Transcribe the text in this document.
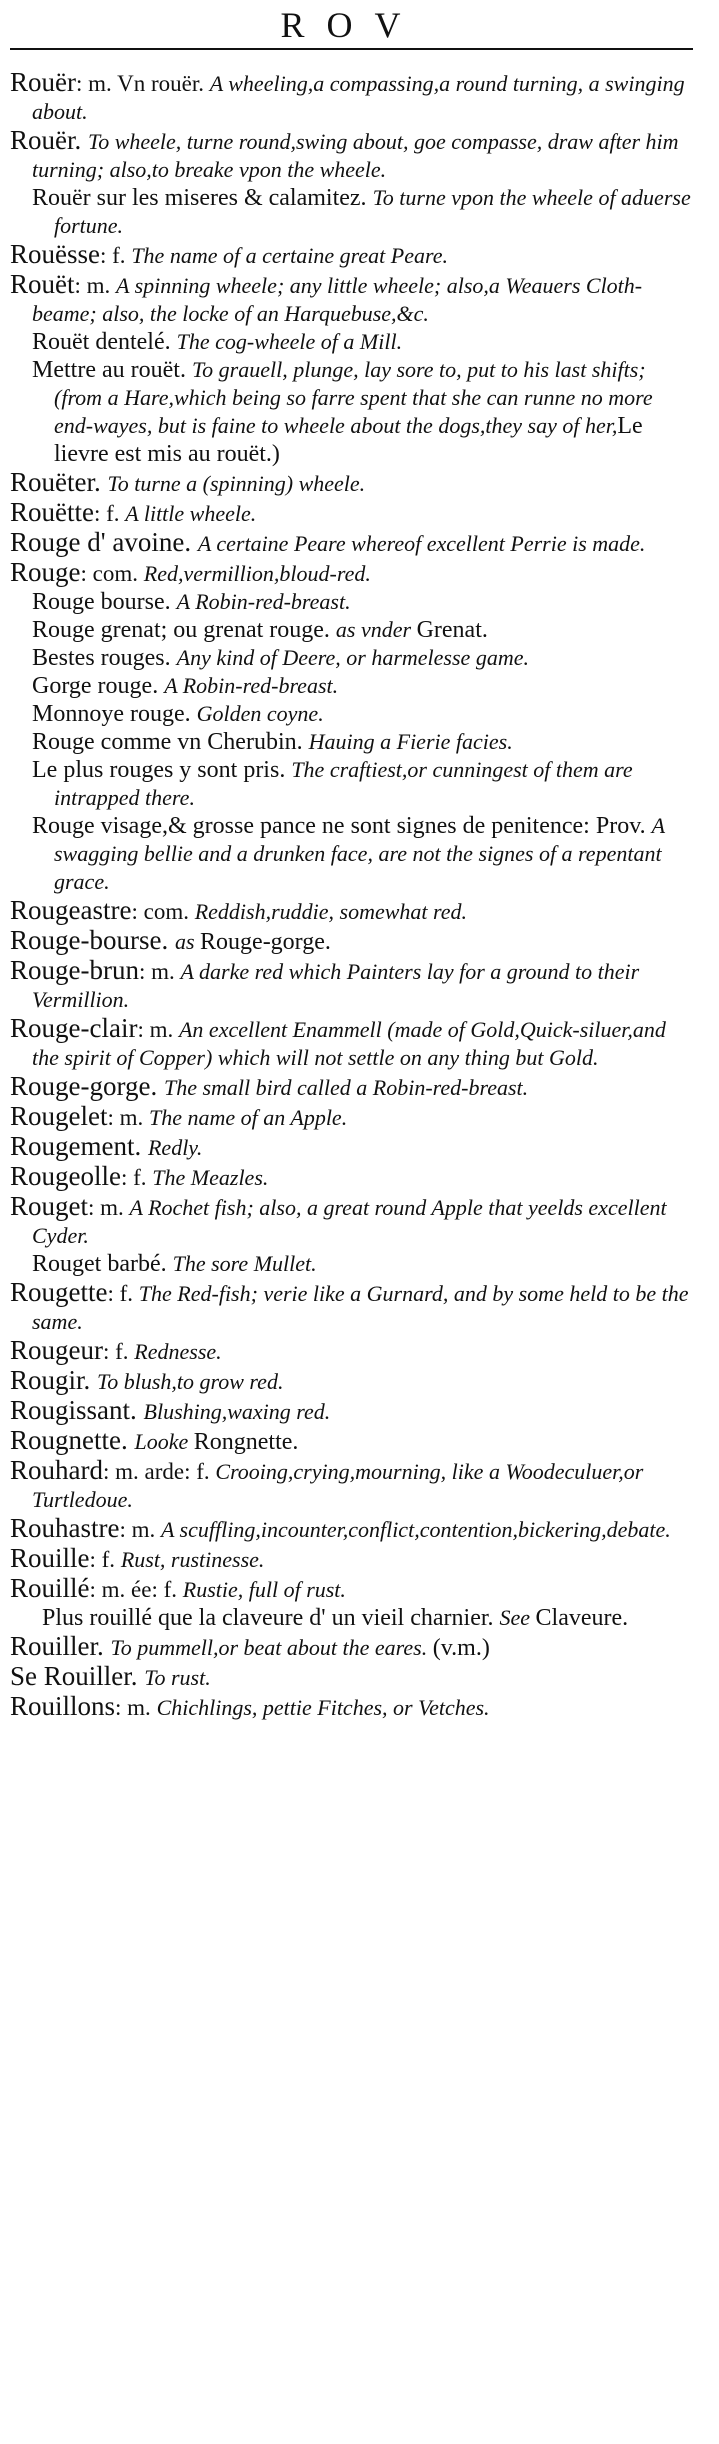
ROV

Rouër: m. Vn rouër. A wheeling,a compassing,a round turning, a swinging about.

Rouër. To wheele, turne round,swing about, goe compasse, draw after him turning; also,to breake vpon the wheele.

Rouër sur les miseres & calamitez. To turne vpon the wheele of aduerse fortune.

Rouësse: f. The name of a certaine great Peare.

Rouët: m. A spinning wheele; any little wheele; also,a Weauers Cloth-beame; also, the locke of an Harquebuse,&c.

Rouët dentelé. The cog-wheele of a Mill.

Mettre au rouët. To grauell, plunge, lay sore to, put to his last shifts;(from a Hare,which being so farre spent that she can runne no more end-wayes, but is faine to wheele about the dogs,they say of her,Le lievre est mis au rouët.)

Rouëter. To turne a (spinning) wheele.

Rouëtte: f. A little wheele.

Rouge d' avoine. A certaine Peare whereof excellent Perrie is made.

Rouge: com. Red,vermillion,bloud-red.

Rouge bourse. A Robin-red-breast.

Rouge grenat; ou grenat rouge. as vnder Grenat.

Bestes rouges. Any kind of Deere, or harmelesse game.

Gorge rouge. A Robin-red-breast.

Monnoye rouge. Golden coyne.

Rouge comme vn Cherubin. Hauing a Fierie facies.

Le plus rouges y sont pris. The craftiest,or cunningest of them are intrapped there.

Rouge visage,& grosse pance ne sont signes de penitence: Prov. A swagging bellie and a drunken face, are not the signes of a repentant grace.

Rougeastre: com. Reddish,ruddie, somewhat red.

Rouge-bourse. as Rouge-gorge.

Rouge-brun: m. A darke red which Painters lay for a ground to their Vermillion.

Rouge-clair: m. An excellent Enammell (made of Gold,Quick-siluer,and the spirit of Copper) which will not settle on any thing but Gold.

Rouge-gorge. The small bird called a Robin-red-breast.

Rougelet: m. The name of an Apple.

Rougement. Redly.

Rougeolle: f. The Meazles.

Rouget: m. A Rochet fish; also, a great round Apple that yeelds excellent Cyder.

Rouget barbé. The sore Mullet.

Rougette: f. The Red-fish; verie like a Gurnard, and by some held to be the same.

Rougeur: f. Rednesse.

Rougir. To blush,to grow red.

Rougissant. Blushing,waxing red.

Rougnette. Looke Rongnette.

Rouhard: m. arde: f. Crooing,crying,mourning, like a Woodeculuer,or Turtledoue.

Rouhastre: m. A scuffling,incounter,conflict,contention,bickering,debate.

Rouille: f. Rust, rustinesse.

Rouillé: m. ée: f. Rustie, full of rust.

Plus rouillé que la claveure d' un vieil charnier. See Claveure.

Rouiller. To pummell,or beat about the eares. (v.m.)

Se Rouiller. To rust.

Rouillons: m. Chichlings, pettie Fitches, or Vetches.
